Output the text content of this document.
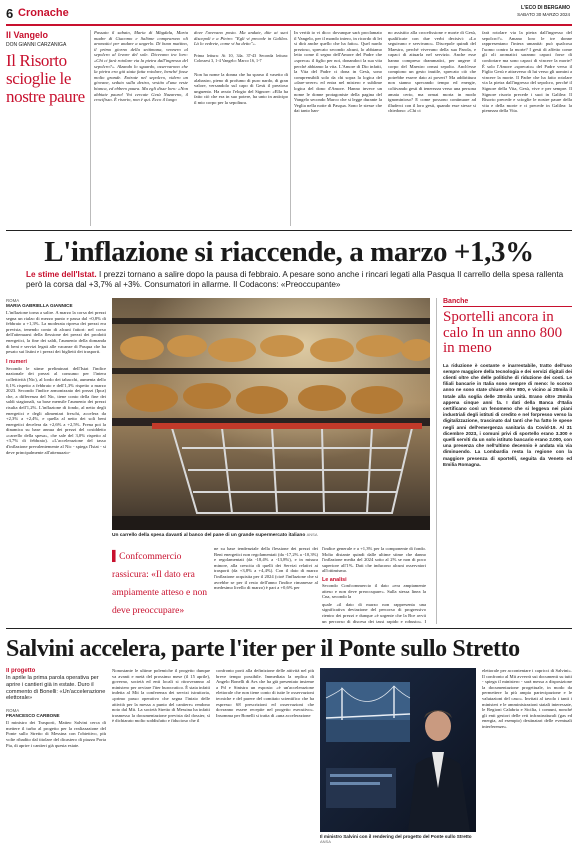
6 Cronache	L'ECO DI BERGAMO
SABATO 30 MARZO 2024
Il Vangelo
DON GIANNI CARZANIGA
Il Risorto scioglie le nostre paure
Passato il sabato, Maria di Màgdala, Maria madre di Giacomo e Salòme comprarono oli aromatici per andare a ungerlo. Di buon mattino, il primo giorno della settimana, vennero al sepolcro al levare del sole. Dicevano tra loro: «Chi ci farà rotolare via la pietra dall'ingresso del sepolcro?». Alzando lo sguardo, osservarono che la pietra era già stata fatta rotolare, benché fosse molto grande. Entrate nel sepolcro, videro un giovane, seduto sulla destra, vestito d'una veste bianca, ed ebbero paura. Ma egli disse loro: «Non abbiate paura! Voi cercate Gesù Nazareno, il crocifisso. È risorto, non è qui. Ecco il luogo
dove l'avevano posto. Ma andate, dite ai suoi discepoli e a Pietro: "Egli vi precede in Galilea. Là lo vedrete, come vi ha detto"».
Prima lettura: At 10, 34a. 37-43 Seconda lettura: Colossesi 3, 1-4 Vangelo: Marco 16, 1-7
Non ha nome la donna che ha sparso il vasetto di alabastro, pieno di profumo di puro nardo, di gran valore, versandolo sul capo di Gesù il prezioso unguento. Ha avuto l'elogio del Signore: «Ella ha fatto ciò che era in suo potere, ha unto in anticipo il mio corpo per la sepoltura.
In verità io vi dico: dovunque sarà proclamato il Vangelo, per il mondo intero, in ricordo di lei si dirà anche quello che ha fatto». Quel nardo prezioso, sprecato secondo alcuni, lo abbiamo letto come il segno dell'Amore del Padre che «spreca» il figlio per noi, donandoci la sua vita perché abbiamo la vita. L'Amore di Dio infatti, la Vita del Padre ci dona in Gesù, sono comprensibili solo da chi sopra la logica del «dare-avere» ed entra nel mistero e sublime logica del dono d'Amore. Hanno invece un nome le donne protagoniste della pagina del Vangelo secondo Marco che si legge durante la Veglia nella notte di Pasqua. Sono le stesse che dai tanto han-
no assistito alla crocefissione e morte di Gesù, qualificate con due verbi decisivi: «Lo seguivano e servivano». Discepole quindi del Maestro, perché vivevano della sua Parola, e capaci di attuarla nel servizio. Anche esse hanno compreso drammatici, per ungere il corpo del Maestro ormai sepolto. Anch'esse compiono un gesto inutile, sprecato ciò che potrebbe essere dato ai poveri? Ma addirittura non stanno sprecando tempo ed energie, coltivando gesti di tenerezza verso una persona amata certo, ma ormai morta in modo ignominioso? E come possono continuare ad illuderci con il loro gesti, quando esse stesse si chiedono: «Chi ci
farà rotolare via la pietra dall'ingresso del sepolcro?». Amano loro le tre donne rappresentano l'intera umanità: può qualcosa l'uomo contro la morte? I gesti di affetto come gli oli aromatici saranno capaci forse di confortare ma sono capaci di vincere la morte? È solo l'Amore «sprecato» del Padre verso il Figlio Gesù e attraverso di lui verso gli uomini a vincere la morte. Il Padre che ha fatto rotolare via la pietra dall'ingresso del sepolcro, perché il Signore della Vita, Gesù, vive e per sempre. Il Signore risorto precede i suoi in Galilea: Il Risorto precede e scioglie le nostre paure della vita e della morte e ci precede in Galilea: la pienezza della Vita.
L'inflazione si riaccende, a marzo +1,3%
Le stime dell'Istat. I prezzi tornano a salire dopo la pausa di febbraio. A pesare sono anche i rincari legati alla Pasqua Il carrello della spesa rallenta però la corsa dal +3,7% al +3%. Consumatori in allarme. Il Codacons: «Preoccupante»
ROMA
MARIA GABRIELLA GIANNICE
L'inflazione torna a salire. A marzo la corsa dei prezzi segna un rialzo di mezzo punto e passa dal +0,8% di febbraio a +1,3%. La moderata ripresa dei prezzi era prevista, tenendo conto di alcuni fattori: nel corso dell'attenuarsi della flessione dei prezzi dei prodotti energetici, la fine dei saldi, l'aumento della domanda di beni e servizi legati alle vacanze di Pasqua che ha pesato sui listini e i prezzi dei biglietti dei trasporti.
I numeri
Secondo le stime preliminari dell'Istat l'indice nazionale dei prezzi al consumo per l'intera collettività (Nic), al lordo dei tabacchi, aumenta dello 0,1% rispetto a febbraio e dell'1,3% rispetto a marzo 2023. Secondo l'indice armonizzato dei prezzi (Ipca) che, a differenza del Nic, tiene conto della fine dei saldi stagionali, su base mensile l'aumento dei prezzi risulta dell'1,2%. L'inflazione di fondo, al netto degli energetici e degli alimentari freschi, accelera da +2,3% a +2,4%, e quella al netto dei soli beni energetici decelera da +2,6% a +2,5%. Frena poi la dinamica su base annua dei prezzi del cosiddetto «carrello della spesa», che sale del 3,0% rispetto al +3,7% di febbraio). «L'accelerazione del tasso d'inflazione prevalentemente al Nic - spiega l'Istat - si deve principalmente all'attenuazio-
Un carrello della spesa davanti al banco del pane di un grande supermercato italiano ANSA
▌Confcommercio rassicura: «Il dato era ampiamente atteso e non deve preoccupare»
ne su base tendenziale della flessione dei prezzi dei Beni energetici non regolamentati (da -17,2% a -10,3%) e regolamentati (da -18,4% a -13,8%), e in misura minore, alla crescita di quelli dei Servizi relativi ai trasporti (da +3,8% a +4,4%). Con il dato di marzo l'inflazione acquisita per il 2024 (cioè l'inflazione che si avrebbe se per il resto dell'anno l'indice rimanesse al medesimo livello di marzo) è pari a +0,6% per
l'indice generale e a +1,3% per la componente di fondo. Molto distante quindi dalle ultime stime che danno l'inflazione media del 2024 sotto al 2% se non di poco superiore all'1%. Dati che inducono alcuni osservatori all'ottimismo.
Le analisi
Secondo Confcommercio il dato «era ampiamente atteso e non deve preoccupare». Sulla stessa linea la Cna, secondo la
quale «il dato di marzo non rappresenta una significativa deviazione del percorso di progressivo rientro dei prezzi e dunque «è urgente che la Bce avvii un percorso di discesa dei tassi rapido e robusto». I
Banche
Sportelli ancora in calo In un anno 800 in meno
La riduzione è costante e inarrestabile, tratto dell'uso sempre maggiore della tecnologia e dei servizi digitali dei clienti oltre che delle politiche di riduzione dei costi. Le filiali bancarie in Italia sono sempre di meno: lo scorso anno ne sono state chiuse oltre 800, e vicino ai 20mila il totale alla soglia delle 20mila unità. Erano oltre 25mila appena cinque anni fa. I dati della Banca d'Italia certificano così un fenomeno che si leggeva nei piani industriali degli istituti di credito e nel forpresso verso la digitalizzazione, trascinato dal tanti che ha fatto le spese negli anni dell'emergenza sanitaria da Covid-19. Al 31 dicembre 2023, i comuni privi di sportello erano 3.300 e quelli serviti da un solo istituto bancario erano 2.000, con una presenza che nell'ultimo decennio è andata via via diminuendo. La Lombardia resta la regione con la maggiore presenza di sportelli, seguita da Veneto ed Emilia Romagna.
Salvini accelera, parte l'iter per il Ponte sullo Stretto
Il progetto
In aprile la prima parola operativa per aprire i cantieri già in estate. Duro il commento di Bonelli: «Un'accelerazione elettorale»
ROMA
FRANCESCO CARBONE
Il ministro dei Trasporti, Matteo Salvini cerca di mettere il turbo al progetto per la realizzazione del Ponte sullo Stretto di Messina con l'obiettivo, più volte ribadito dal titolare del dicastero di piazza Porta Pia, di aprire i cantieri già questa estate.
Nonostante le ultime polemiche il progetto dunque va avanti e metà del prossimo mese (il 15 aprile), governo, società ed enti locali si ritroveranno al ministero per avviare l'iter burocratico. È stata infatti indetta al Mit la conferenza dei servizi istruttoria, «primo passo operativo che segna l'inizio delle attività per la messa a punto del cantiere» rendono noto dal Mit. La società Stretto di Messina ha infatti trasmesso la documentazione prevista dal dossier, sì è dichiarato molto soddisfatto e fiducioso che il
confronto porti alla definizione delle attività nel più breve tempo possibile. Immediata la replica di Angelo Bonelli di Avs che ha già presentato insieme a Pd e Sinistra un esposto: «è un'accelerazione elettorale che non tiene conto di tutte le osservazioni tecniche e del parere del comitato scientifico che ha espresso 68 prescrizioni ed osservazioni che dovranno essere recepite nel progetto esecutivo». Insomma per Bonelli si tratta di «una accelerazione
Il ministro Salvini con il rendering del progetto del Ponte sullo Stretto ANSA
elettorale per accontentare i capricci di Salvini». Il confronto al Mit avverrà sui documenti su tutti - spiega il ministero - sarà messa a disposizione la documentazione progettuale, in modo da permettere la più ampia partecipazione e le valutazioni del caso». Invitati al tavolo i tanti i ministeri e le amministrazioni statali interessate, le Regioni Calabria e Sicilia, i comuni, nonché gli enti gestori delle reti infrastrutturali (gas ed energia, ad esempio) destinatari delle eventuali interferenze».
